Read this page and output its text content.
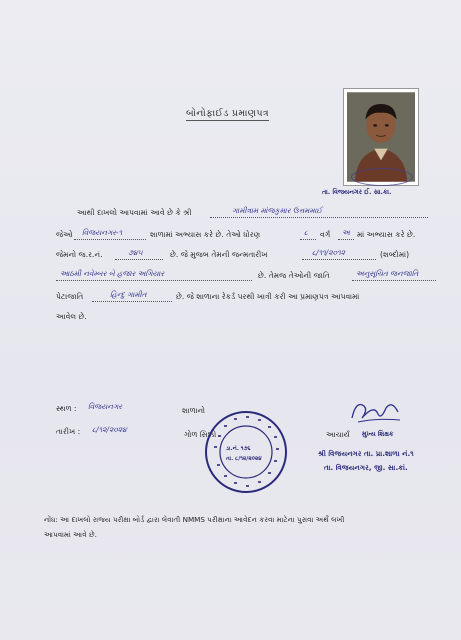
બોનોફાઈડ પ્રમાણપત્ર
તા. વિજયનગર ઈ. સા.કા.
આથી દાખલો આપવામાં આવે છે કે શ્રી	ગામીત્રામ માંજકુમાર ઉત્તમમાઈ
જેઓ વિજયનગર-૧	શાળામાં અભ્યાસ કરે છે. તેઓ ધોરણ	૮ વર્ગ અ માં અભ્યાસ કરે છે.
જેમનો જ.ર.નં.	૭૪૫	છે. જે મુજબ તેમની જન્મતારીખ	૮/૧૧/૨૦૧૨	(શબ્દોમાં)
આઠમી નવેમ્બર બે હજાર અગિયાર	છે. તેમજ તેઓની જાતિ	અનુસૂચિત જનજાતિ
પેટાજાતિ	હિન્દુ ગામીત	છે. જે શાળાના રેકર્ડ પરથી ખાત્રી કરી આ પ્રમાણપત્ર આપવામાં
આવેલ છે.
સ્થળ : વિજયનગર	શાળાનો
તારીખ : ૮/૧૨/૨૦૨૪
ગોળ સિક્કો
ડા.નં. ૧૭૬
તા. ૮/૧૨/૨૦૨૪
આચાર્ય મુખ્ય શિક્ષક
શ્રી વિજયનગર તા. પ્રા.શાળા નં.૧
તા. વિજયનગર, જી. સા.કાં.
નોંધ: આ દાખલો રાજ્ય પરીક્ષા બોર્ડ દ્વારા લેવાતી NMMS પરીક્ષાના આવેદન કરવા માટેના પુરાવા અર્થે લખી
આપવામાં આવે છે.
